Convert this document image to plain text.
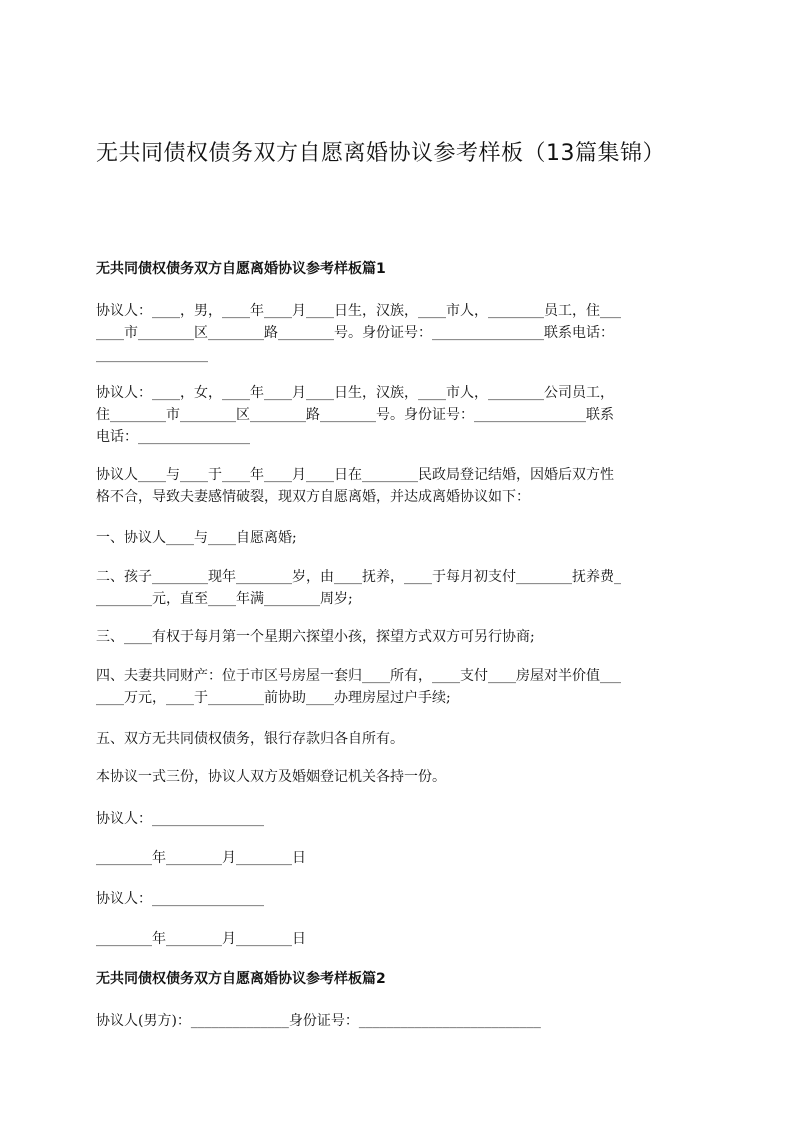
无共同债权债务双方自愿离婚协议参考样板（13篇集锦）
无共同债权债务双方自愿离婚协议参考样板篇1
协议人：____，男，____年____月____日生，汉族，____市人，________员工，住___
____市________区________路________号。身份证号：________________联系电话：
________________
协议人：____，女，____年____月____日生，汉族，____市人，________公司员工，
住________市________区________路________号。身份证号：________________联系
电话：________________
协议人____与____于____年____月____日在________民政局登记结婚，因婚后双方性
格不合，导致夫妻感情破裂，现双方自愿离婚，并达成离婚协议如下：
一、协议人____与____自愿离婚;
二、孩子________现年________岁，由____抚养，____于每月初支付________抚养费_
________元，直至____年满________周岁;
三、____有权于每月第一个星期六探望小孩，探望方式双方可另行协商;
四、夫妻共同财产：位于市区号房屋一套归____所有，____支付____房屋对半价值___
____万元，____于________前协助____办理房屋过户手续;
五、双方无共同债权债务，银行存款归各自所有。
本协议一式三份，协议人双方及婚姻登记机关各持一份。
协议人：________________
________年________月________日
协议人：________________
________年________月________日
无共同债权债务双方自愿离婚协议参考样板篇2
协议人(男方)：______________身份证号：__________________________
